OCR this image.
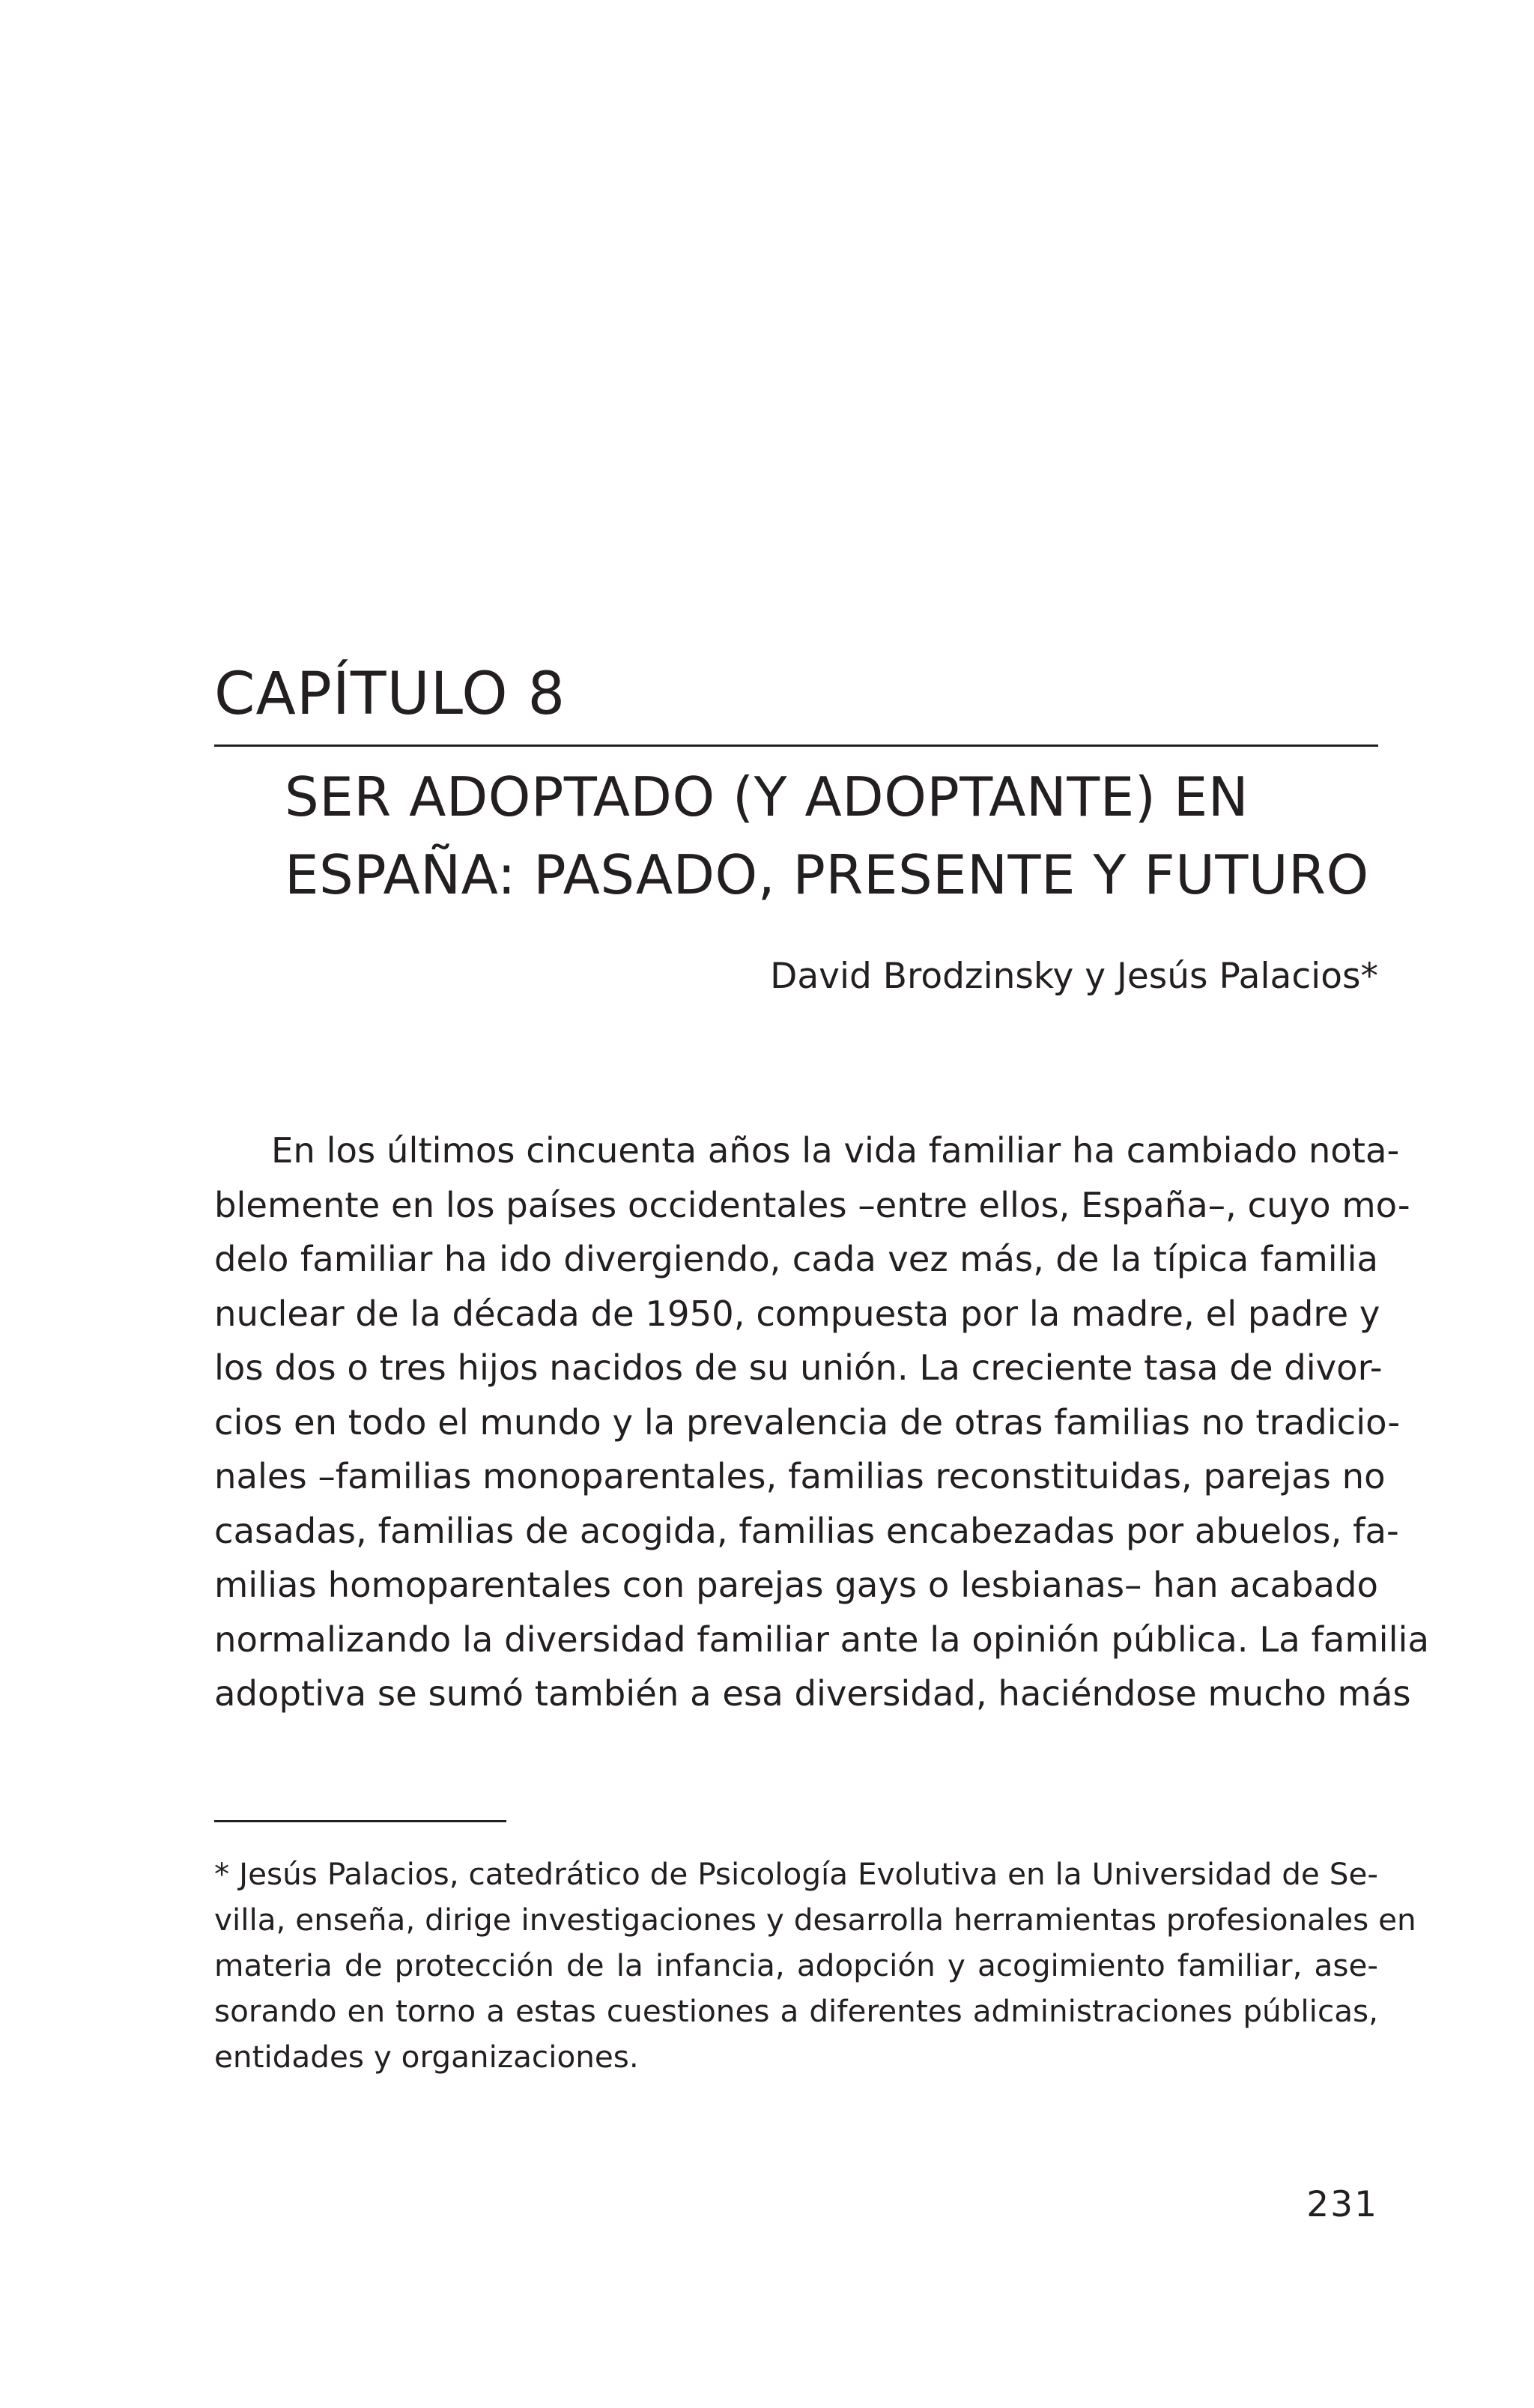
CAPÍTULO 8
SER ADOPTADO (Y ADOPTANTE) EN
ESPAÑA: PASADO, PRESENTE Y FUTURO

David Brodzinsky y Jesús Palacios*

En los últimos cincuenta años la vida familiar ha cambiado nota-
blemente en los países occidentales –entre ellos, España–, cuyo mo-
delo familiar ha ido divergiendo, cada vez más, de la típica familia
nuclear de la década de 1950, compuesta por la madre, el padre y
los dos o tres hijos nacidos de su unión. La creciente tasa de divor-
cios en todo el mundo y la prevalencia de otras familias no tradicio-
nales –familias monoparentales, familias reconstituidas, parejas no
casadas, familias de acogida, familias encabezadas por abuelos, fa-
milias homoparentales con parejas gays o lesbianas– han acabado
normalizando la diversidad familiar ante la opinión pública. La familia
adoptiva se sumó también a esa diversidad, haciéndose mucho más

* Jesús Palacios, catedrático de Psicología Evolutiva en la Universidad de Se-
villa, enseña, dirige investigaciones y desarrolla herramientas profesionales en
materia de protección de la infancia, adopción y acogimiento familiar, ase-
sorando en torno a estas cuestiones a diferentes administraciones públicas,
entidades y organizaciones.

231
